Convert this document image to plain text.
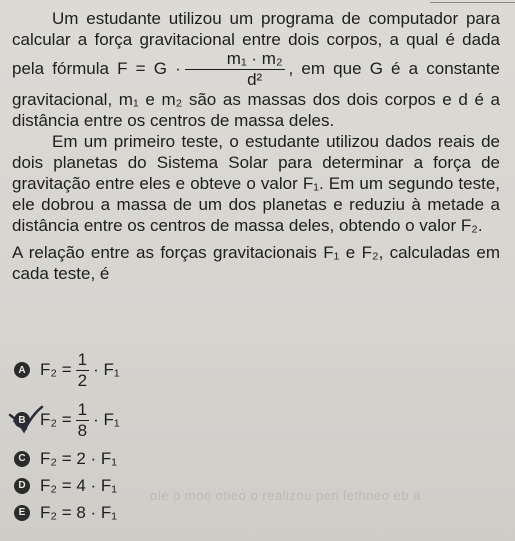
Um estudante utilizou um programa de computador para calcular a força gravitacional entre dois corpos, a qual é dada pela fórmula $F = G \cdot \frac{\text{m₁ · m₂}}{\text{d²}}$ , em que G é a constante gravitacional, m₁ e m₂ são as massas dos dois corpos e d é a distância entre os centros de massa deles.

Em um primeiro teste, o estudante utilizou dados reais de dois planetas do Sistema Solar para determinar a força de gravitação entre eles e obteve o valor F₁. Em um segundo teste, ele dobrou a massa de um dos planetas e reduziu à metade a distância entre os centros de massa deles, obtendo o valor F₂.

A relação entre as forças gravitacionais F₁ e F₂, calculadas em cada teste, é

A $F_2 = \frac{1}{2} \cdot F_1$
B $F_2 = \frac{1}{8} \cdot F_1$
C F₂ = 2 · F₁
D F₂ = 4 · F₁
E F₂ = 8 · F₁
ole o moo otieo o realizou pen lethneo eb a
